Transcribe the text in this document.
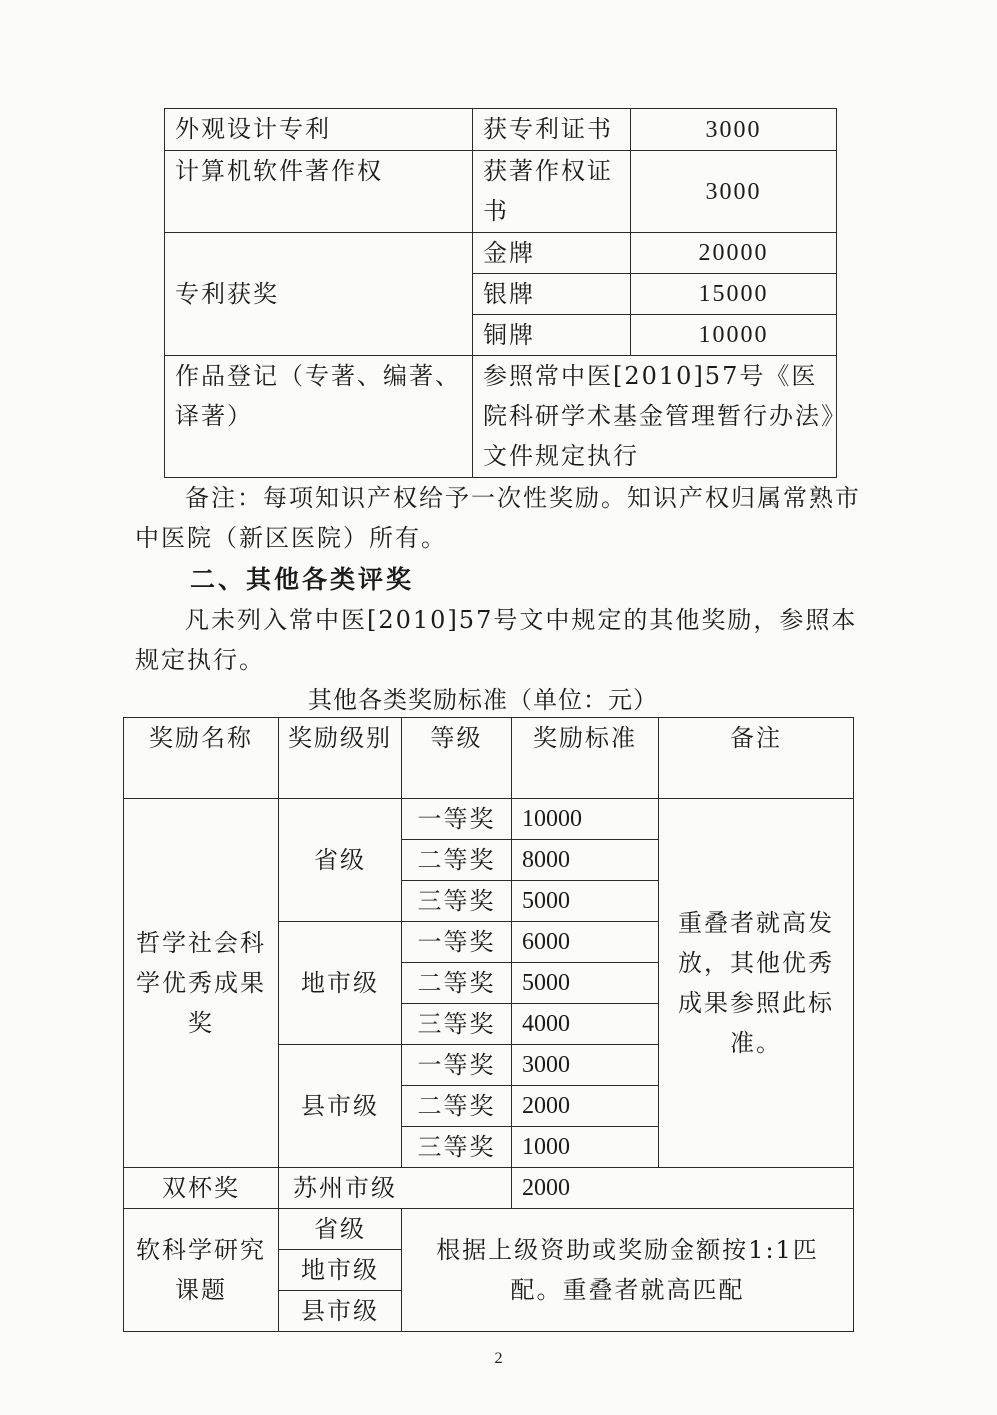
外观设计专利	获专利证书	3000
计算机软件著作权	获著作权证书	3000
专利获奖	金牌	20000
	银牌	15000
	铜牌	10000
作品登记（专著、编著、译著）	参照常中医[2010]57号《医院科研学术基金管理暂行办法》文件规定执行	

备注：每项知识产权给予一次性奖励。知识产权归属常熟市中医院（新区医院）所有。

二、其他各类评奖

凡未列入常中医[2010]57号文中规定的其他奖励，参照本规定执行。

其他各类奖励标准（单位：元）

奖励名称	奖励级别	等级	奖励标准	备注
哲学社会科学优秀成果奖	省级	一等奖	10000	重叠者就高发放，其他优秀成果参照此标准。
		二等奖	8000	
		三等奖	5000	
	地市级	一等奖	6000	
		二等奖	5000	
		三等奖	4000	
	县市级	一等奖	3000	
		二等奖	2000	
		三等奖	1000	
双杯奖	苏州市级		2000	
软科学研究课题	省级	根据上级资助或奖励金额按1:1匹配。重叠者就高匹配		
	地市级			
	县市级			
2
